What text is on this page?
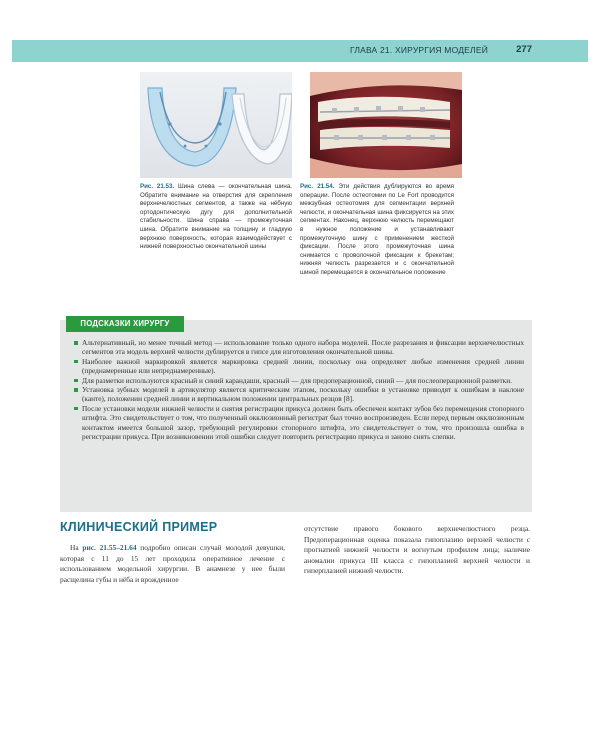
ГЛАВА 21. ХИРУРГИЯ МОДЕЛЕЙ	277

Рис. 21.53. Шина слева — окончательная шина. Обратите внимание на отверстия для скрепления верхнечелюстных сегментов, а также на нёбную ортодонтическую дугу для дополнительной стабильности. Шина справа — промежуточная шина. Обратите внимание на толщину и гладкую верхнюю поверхность, которая взаимодействует с нижней поверхностью окончательной шины

Рис. 21.54. Эти действия дублируются во время операции. После остеотомии по Le Fort проводится межзубная остеотомия для сегментации верхней челюсти, и окончательная шина фиксируется на этих сегментах. Наконец, верхнюю челюсть перемещают в нужное положение и устанавливают промежуточную шину с применением жесткой фиксации. После этого промежуточная шина снимается с проволочной фиксации к брекетам; нижняя челюсть разрезается и с окончательной шиной перемещается в окончательное положение

ПОДСКАЗКИ ХИРУРГУ
Альтернативный, но менее точный метод — использование только одного набора моделей. После разрезания и фиксации верхнечелюстных сегментов эта модель верхней челюсти дублируется в гипсе для изготовления окончательной шины.
Наиболее важной маркировкой является маркировка средней линии, поскольку она определяет любые изменения средней линии (преднамеренные или непреднамеренные).
Для разметки используются красный и синий карандаши, красный — для предоперационной, синий — для послеоперационной разметки.
Установка зубных моделей в артикулятор является критическим этапом, поскольку ошибки в установке приводят к ошибкам в наклоне (канте), положении средней линии и вертикальном положении центральных резцов [8].
После установки модели нижней челюсти и снятия регистрации прикуса должен быть обеспечен контакт зубов без перемещения стопорного штифта. Это свидетельствует о том, что полученный окклюзионный регистрат был точно воспроизведен. Если перед первым окклюзионным контактом имеется большой зазор, требующий регулировки стопорного штифта, это свидетельствует о том, что произошла ошибка в регистрации прикуса. При возникновении этой ошибки следует повторить регистрацию прикуса и заново снять слепки.
КЛИНИЧЕСКИЙ ПРИМЕР

На рис. 21.55–21.64 подробно описан случай молодой девушки, которая с 11 до 15 лет проходила оперативное лечение с использованием модельной хирургии. В анамнезе у нее были расщелина губы и нёба и врожденное

отсутствие правого бокового верхнечелюстного резца. Предоперационная оценка показала гипоплазию верхней челюсти с прогнатией нижней челюсти и вогнутым профилем лица; наличие аномалии прикуса III класса с гипоплазией верхней челюсти и гиперплазией нижней челюсти.
